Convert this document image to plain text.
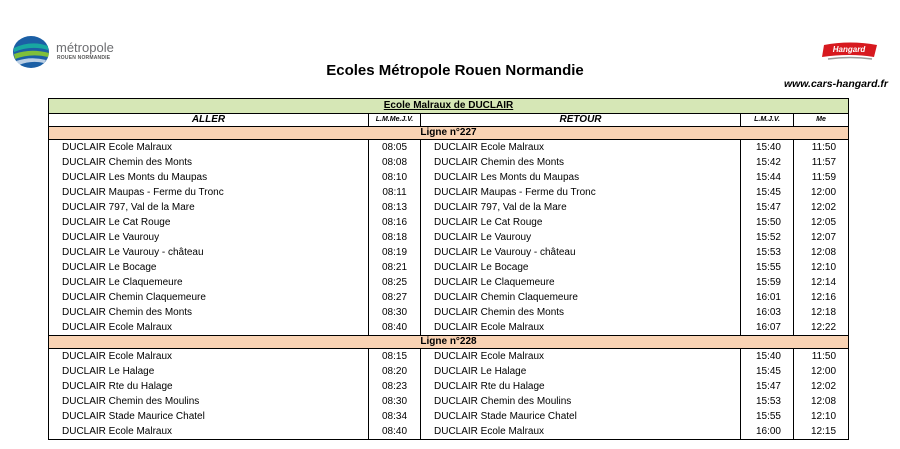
métropole
ROUEN NORMANDIE
Hangard
Ecoles Métropole Rouen Normandie
www.cars-hangard.fr
Ecole Malraux de DUCLAIR				
ALLER	L.M.Me.J.V.	RETOUR	L.M.J.V.	Me
Ligne n°227				
DUCLAIR Ecole Malraux	08:05	DUCLAIR Ecole Malraux	15:40	11:50
DUCLAIR Chemin des Monts	08:08	DUCLAIR Chemin des Monts	15:42	11:57
DUCLAIR Les Monts du Maupas	08:10	DUCLAIR Les Monts du Maupas	15:44	11:59
DUCLAIR Maupas - Ferme du Tronc	08:11	DUCLAIR Maupas - Ferme du Tronc	15:45	12:00
DUCLAIR 797, Val de la Mare	08:13	DUCLAIR 797, Val de la Mare	15:47	12:02
DUCLAIR Le Cat Rouge	08:16	DUCLAIR Le Cat Rouge	15:50	12:05
DUCLAIR Le Vaurouy	08:18	DUCLAIR Le Vaurouy	15:52	12:07
DUCLAIR Le Vaurouy - château	08:19	DUCLAIR Le Vaurouy - château	15:53	12:08
DUCLAIR Le Bocage	08:21	DUCLAIR Le Bocage	15:55	12:10
DUCLAIR Le Claquemeure	08:25	DUCLAIR Le Claquemeure	15:59	12:14
DUCLAIR Chemin Claquemeure	08:27	DUCLAIR Chemin Claquemeure	16:01	12:16
DUCLAIR Chemin des Monts	08:30	DUCLAIR Chemin des Monts	16:03	12:18
DUCLAIR Ecole Malraux	08:40	DUCLAIR Ecole Malraux	16:07	12:22
Ligne n°228				
DUCLAIR Ecole Malraux	08:15	DUCLAIR Ecole Malraux	15:40	11:50
DUCLAIR Le Halage	08:20	DUCLAIR Le Halage	15:45	12:00
DUCLAIR Rte du Halage	08:23	DUCLAIR Rte du Halage	15:47	12:02
DUCLAIR Chemin des Moulins	08:30	DUCLAIR Chemin des Moulins	15:53	12:08
DUCLAIR Stade Maurice Chatel	08:34	DUCLAIR Stade Maurice Chatel	15:55	12:10
DUCLAIR Ecole Malraux	08:40	DUCLAIR Ecole Malraux	16:00	12:15
